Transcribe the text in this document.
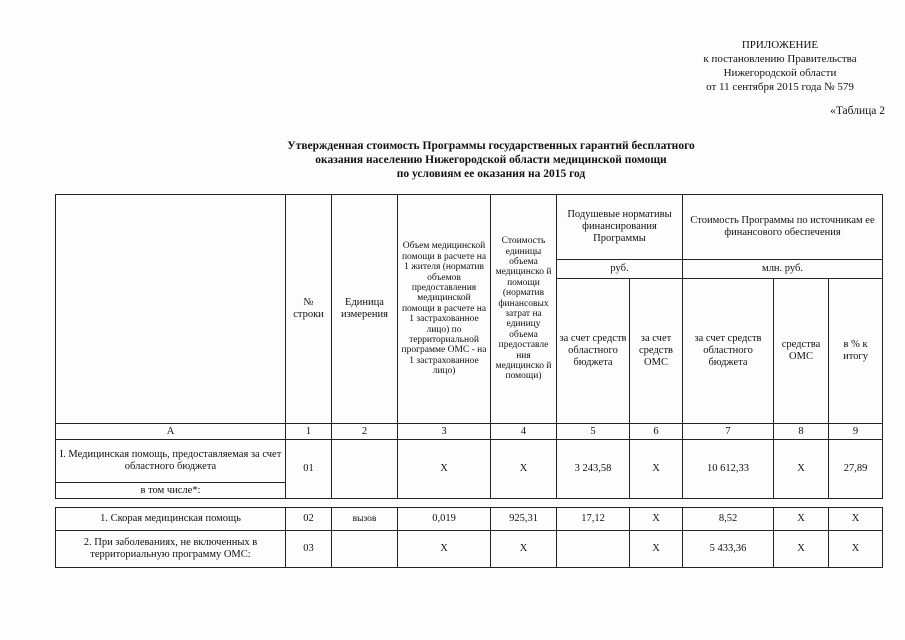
ПРИЛОЖЕНИЕ
к постановлению Правительства
Нижегородской области
от 11 сентября 2015 года № 579
«Таблица 2
Утвержденная стоимость Программы государственных гарантий бесплатного
оказания населению Нижегородской области медицинской помощи
по условиям ее оказания на 2015 год
	№ строки	Единица измерения	Объем медицинской помощи в расчете на 1 жителя (норматив объемов предоставления медицинской помощи в расчете на 1 застрахованное лицо) по территориальной программе ОМС - на 1 застрахованное лицо)	Стоимость единицы объема медицинско й помощи (норматив финансовых затрат на единицу объема предоставле ния медицинско й помощи)	Подушевые нормативы финансирования Программы		Стоимость Программы по источникам ее финансового обеспечения		
					руб.		млн. руб.		
					за счет средств областного бюджета	за счет средств ОМС	за счет средств областного бюджета	средства ОМС	в % к итогу
А	1	2	3	4	5	6	7	8	9
I. Медицинская помощь, предоставляемая за счет областного бюджета	01		Х	Х	3 243,58	Х	10 612,33	Х	27,89
в том числе*:									

1. Скорая медицинская помощь	02	вызов	0,019	925,31	17,12	Х	8,52	Х	Х
2. При заболеваниях, не включенных в территориальную программу ОМС:	03		Х	Х		Х	5 433,36	Х	Х
